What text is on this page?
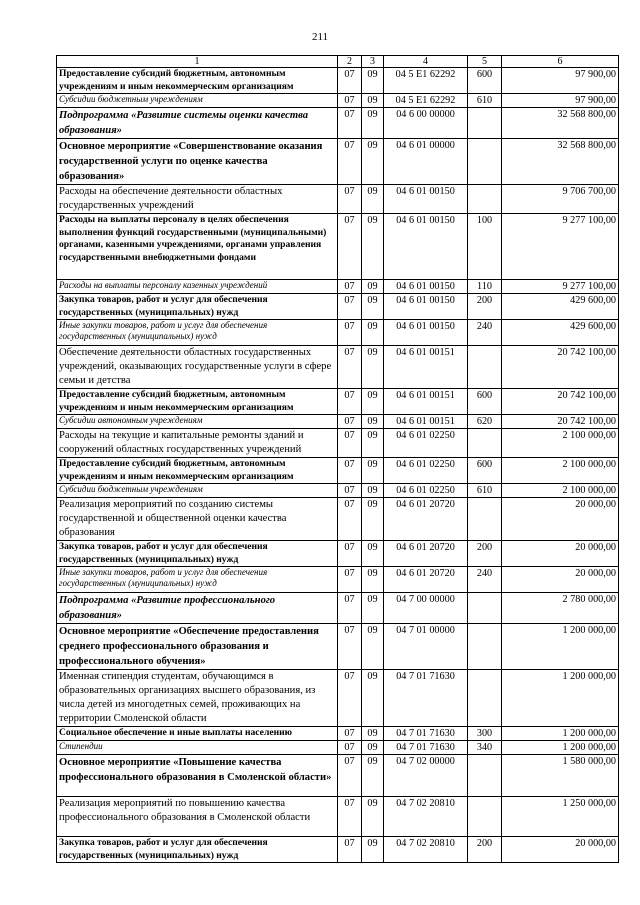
211
1	2	3	4	5	6
Предоставление субсидий бюджетным, автономным учреждениям и иным некоммерческим организациям	07	09	04 5 E1 62292	600	97 900,00
Субсидии бюджетным учреждениям	07	09	04 5 E1 62292	610	97 900,00
Подпрограмма «Развитие системы оценки качества образования»	07	09	04 6 00 00000		32 568 800,00
Основное мероприятие «Совершенствование оказания государственной услуги по оценке качества образования»	07	09	04 6 01 00000		32 568 800,00
Расходы на обеспечение деятельности областных государственных учреждений	07	09	04 6 01 00150		9 706 700,00
Расходы на выплаты персоналу в целях обеспечения выполнения функций государственными (муниципальными) органами, казенными учреждениями, органами управления государственными внебюджетными фондами	07	09	04 6 01 00150	100	9 277 100,00
Расходы на выплаты персоналу казенных учреждений	07	09	04 6 01 00150	110	9 277 100,00
Закупка товаров, работ и услуг для обеспечения государственных (муниципальных) нужд	07	09	04 6 01 00150	200	429 600,00
Иные закупки товаров, работ и услуг для обеспечения государственных (муниципальных) нужд	07	09	04 6 01 00150	240	429 600,00
Обеспечение деятельности областных государственных учреждений, оказывающих государственные услуги в сфере семьи и детства	07	09	04 6 01 00151		20 742 100,00
Предоставление субсидий бюджетным, автономным учреждениям и иным некоммерческим организациям	07	09	04 6 01 00151	600	20 742 100,00
Субсидии автономным учреждениям	07	09	04 6 01 00151	620	20 742 100,00
Расходы на текущие и капитальные ремонты зданий и сооружений областных государственных учреждений	07	09	04 6 01 02250		2 100 000,00
Предоставление субсидий бюджетным, автономным учреждениям и иным некоммерческим организациям	07	09	04 6 01 02250	600	2 100 000,00
Субсидии бюджетным учреждениям	07	09	04 6 01 02250	610	2 100 000,00
Реализация мероприятий по созданию системы государственной и общественной оценки качества образования	07	09	04 6 01 20720		20 000,00
Закупка товаров, работ и услуг для обеспечения государственных (муниципальных) нужд	07	09	04 6 01 20720	200	20 000,00
Иные закупки товаров, работ и услуг для обеспечения государственных (муниципальных) нужд	07	09	04 6 01 20720	240	20 000,00
Подпрограмма «Развитие профессионального образования»	07	09	04 7 00 00000		2 780 000,00
Основное мероприятие «Обеспечение предоставления среднего профессионального образования и профессионального обучения»	07	09	04 7 01 00000		1 200 000,00
Именная стипендия студентам, обучающимся в образовательных организациях высшего образования, из числа детей из многодетных семей, проживающих на территории Смоленской области	07	09	04 7 01 71630		1 200 000,00
Социальное обеспечение и иные выплаты населению	07	09	04 7 01 71630	300	1 200 000,00
Стипендии	07	09	04 7 01 71630	340	1 200 000,00
Основное мероприятие «Повышение качества профессионального образования в Смоленской области»	07	09	04 7 02 00000		1 580 000,00
Реализация мероприятий по повышению качества профессионального образования в Смоленской области	07	09	04 7 02 20810		1 250 000,00
Закупка товаров, работ и услуг для обеспечения государственных (муниципальных) нужд	07	09	04 7 02 20810	200	20 000,00
